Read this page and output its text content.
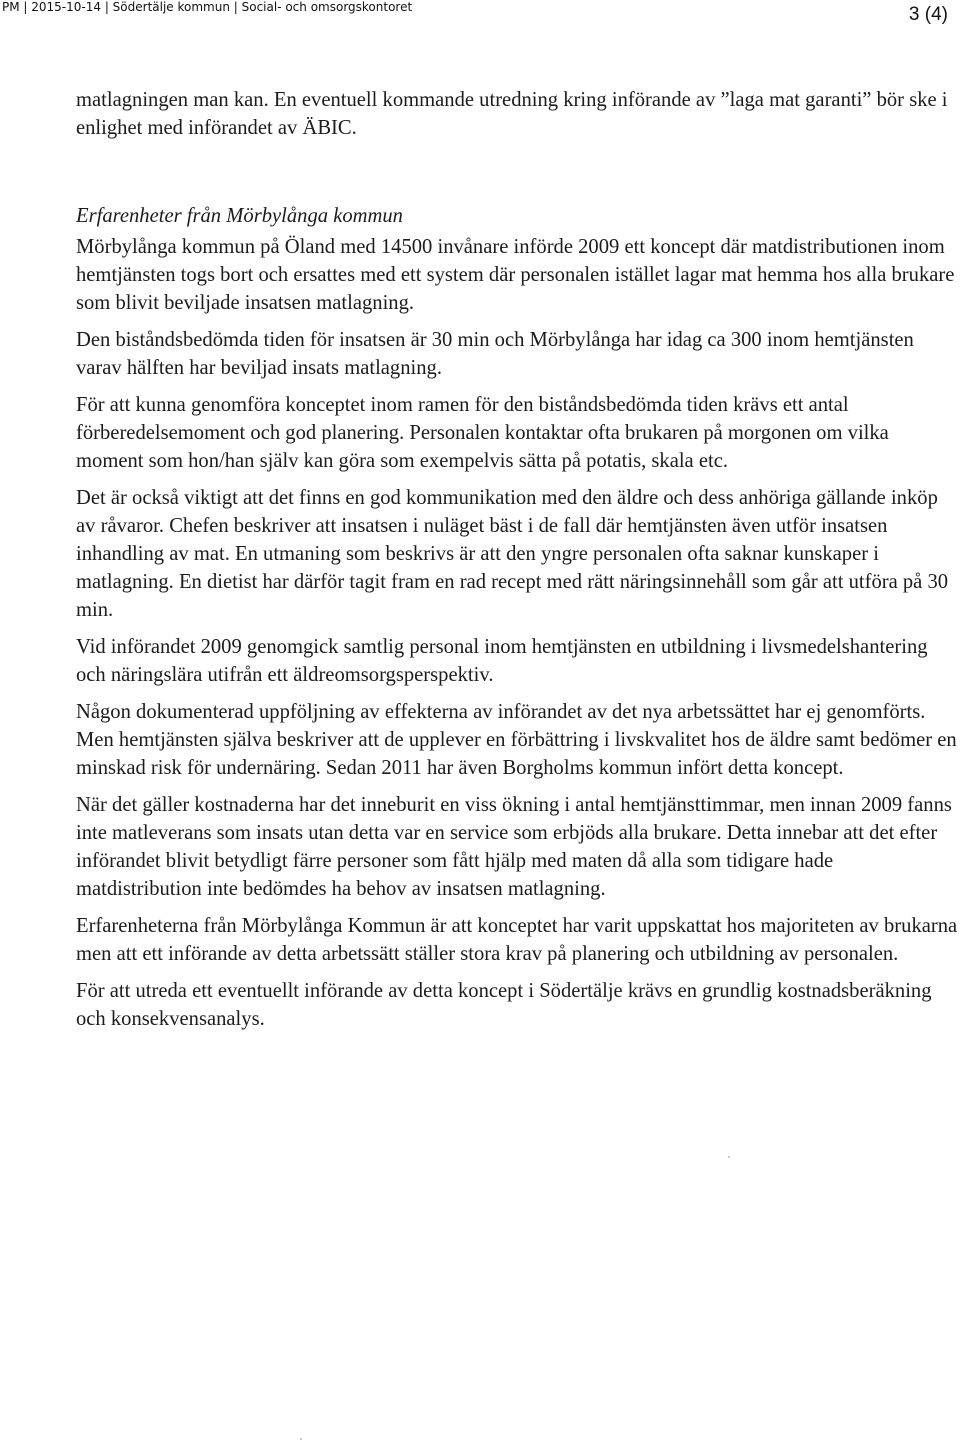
PM | 2015-10-14 | Södertälje kommun | Social- och omsorgskontoret	3 (4)

matlagningen man kan. En eventuell kommande utredning kring införande av ”laga mat garanti” bör ske i enlighet med införandet av ÄBIC.

Erfarenheter från Mörbylånga kommun

Mörbylånga kommun på Öland med 14500 invånare införde 2009 ett koncept där matdistributionen inom hemtjänsten togs bort och ersattes med ett system där personalen istället lagar mat hemma hos alla brukare som blivit beviljade insatsen matlagning.

Den biståndsbedömda tiden för insatsen är 30 min och Mörbylånga har idag ca 300 inom hemtjänsten varav hälften har beviljad insats matlagning.

För att kunna genomföra konceptet inom ramen för den biståndsbedömda tiden krävs ett antal förberedelsemoment och god planering. Personalen kontaktar ofta brukaren på morgonen om vilka moment som hon/han själv kan göra som exempelvis sätta på potatis, skala etc.

Det är också viktigt att det finns en god kommunikation med den äldre och dess anhöriga gällande inköp av råvaror. Chefen beskriver att insatsen i nuläget bäst i de fall där hemtjänsten även utför insatsen inhandling av mat. En utmaning som beskrivs är att den yngre personalen ofta saknar kunskaper i matlagning. En dietist har därför tagit fram en rad recept med rätt näringsinnehåll som går att utföra på 30 min.

Vid införandet 2009 genomgick samtlig personal inom hemtjänsten en utbildning i livsmedelshantering och näringslära utifrån ett äldreomsorgsperspektiv.

Någon dokumenterad uppföljning av effekterna av införandet av det nya arbetssättet har ej genomförts. Men hemtjänsten själva beskriver att de upplever en förbättring i livskvalitet hos de äldre samt bedömer en minskad risk för undernäring. Sedan 2011 har även Borgholms kommun infört detta koncept.

När det gäller kostnaderna har det inneburit en viss ökning i antal hemtjänsttimmar, men innan 2009 fanns inte matleverans som insats utan detta var en service som erbjöds alla brukare. Detta innebar att det efter införandet blivit betydligt färre personer som fått hjälp med maten då alla som tidigare hade matdistribution inte bedömdes ha behov av insatsen matlagning.

Erfarenheterna från Mörbylånga Kommun är att konceptet har varit uppskattat hos majoriteten av brukarna men att ett införande av detta arbetssätt ställer stora krav på planering och utbildning av personalen.

För att utreda ett eventuellt införande av detta koncept i Södertälje krävs en grundlig kostnadsberäkning och konsekvensanalys.
